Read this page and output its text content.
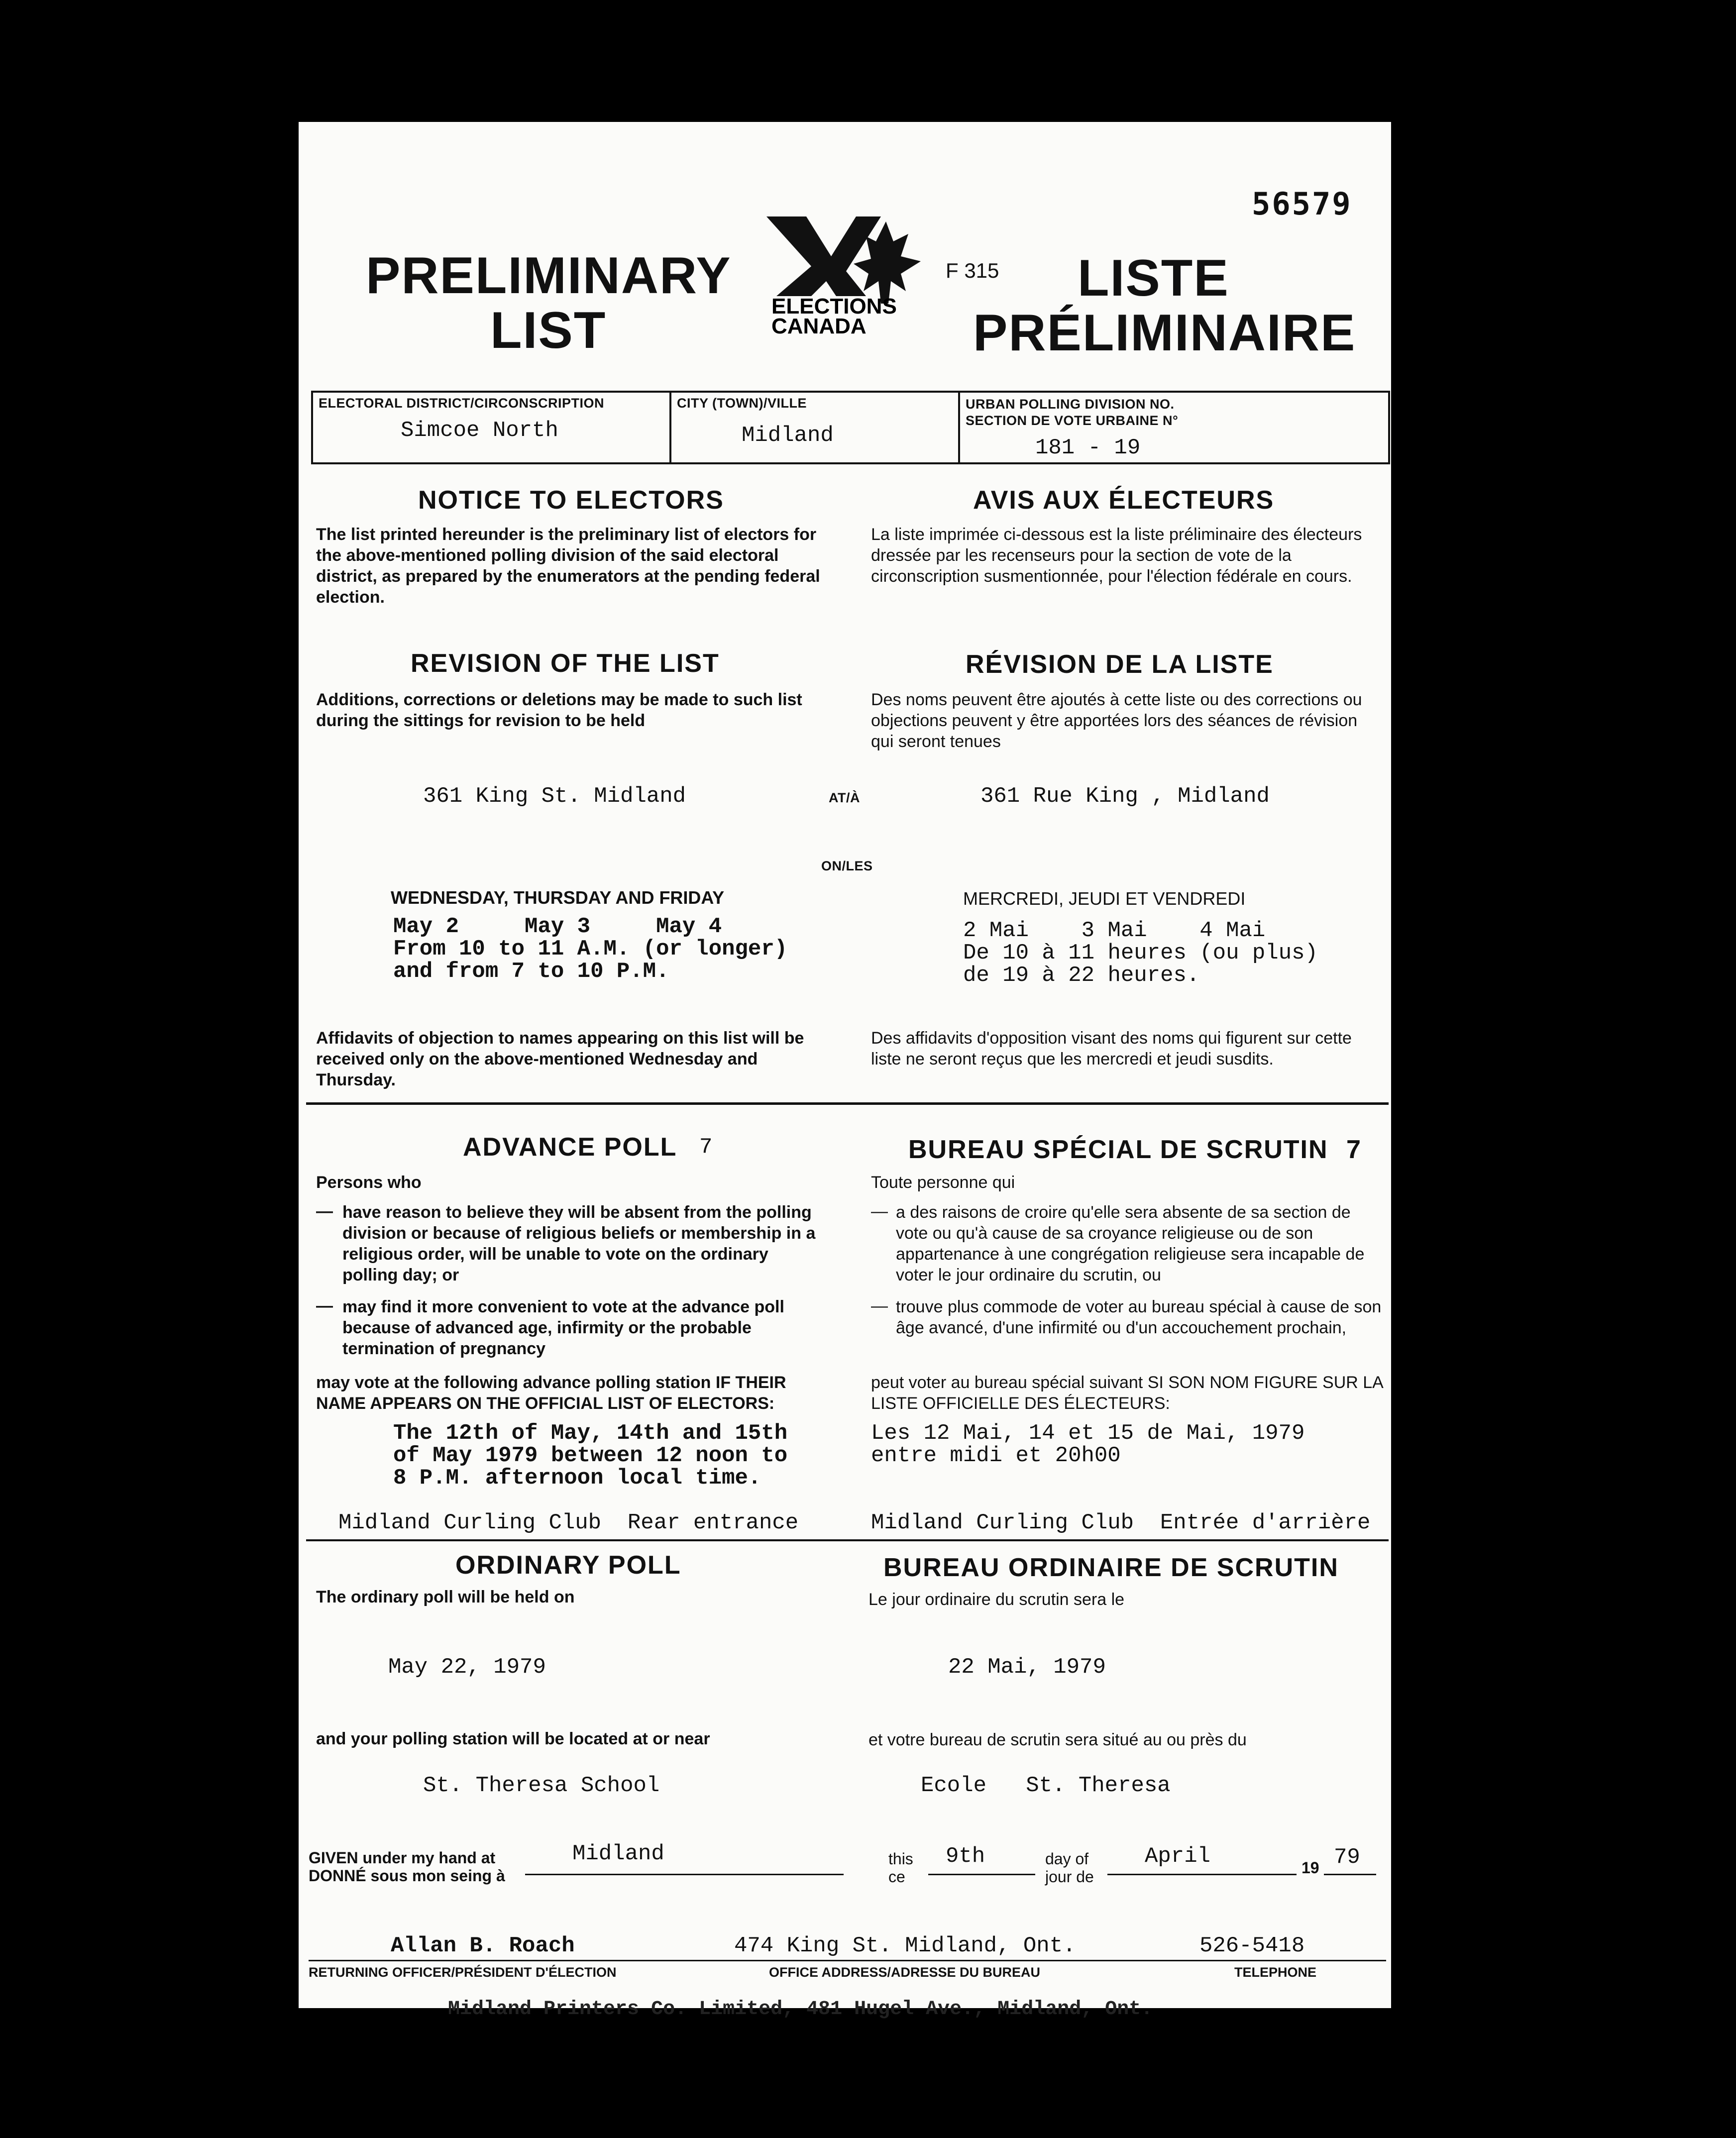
56579
PRELIMINARY
LIST	ELECTIONS
CANADA
F 315 LISTE
PRÉLIMINAIRE
ELECTORAL DISTRICT/CIRCONSCRIPTION
Simcoe North
CITY (TOWN)/VILLE
Midland
URBAN POLLING DIVISION NO.
SECTION DE VOTE URBAINE N°
181 - 19
NOTICE TO ELECTORS
The list printed hereunder is the preliminary list of electors for the above-mentioned polling division of the said electoral district, as prepared by the enumerators at the pending federal election.
AVIS AUX ÉLECTEURS
La liste imprimée ci-dessous est la liste préliminaire des électeurs dressée par les recenseurs pour la section de vote de la circonscription susmentionnée, pour l'élection fédérale en cours.
REVISION OF THE LIST
Additions, corrections or deletions may be made to such list during the sittings for revision to be held
RÉVISION DE LA LISTE
Des noms peuvent être ajoutés à cette liste ou des corrections ou objections peuvent y être apportées lors des séances de révision qui seront tenues
361 King St. Midland	AT/À	361 Rue King , Midland
ON/LES
WEDNESDAY, THURSDAY AND FRIDAY
May 2     May 3     May 4
From 10 to 11 A.M. (or longer)
and from 7 to 10 P.M.
MERCREDI, JEUDI ET VENDREDI
2 Mai    3 Mai    4 Mai
De 10 à 11 heures (ou plus)
de 19 à 22 heures.
Affidavits of objection to names appearing on this list will be received only on the above-mentioned Wednesday and Thursday.
Des affidavits d'opposition visant des noms qui figurent sur cette liste ne seront reçus que les mercredi et jeudi susdits.
ADVANCE POLL 7	BUREAU SPÉCIAL DE SCRUTIN 7
Persons who	Toute personne qui
— have reason to believe they will be absent from the polling division or because of religious beliefs or membership in a religious order, will be unable to vote on the ordinary polling day; or
— may find it more convenient to vote at the advance poll because of advanced age, infirmity or the probable termination of pregnancy
— a des raisons de croire qu'elle sera absente de sa section de vote ou qu'à cause de sa croyance religieuse ou de son appartenance à une congrégation religieuse sera incapable de voter le jour ordinaire du scrutin, ou
— trouve plus commode de voter au bureau spécial à cause de son âge avancé, d'une infirmité ou d'un accouchement prochain,
may vote at the following advance polling station IF THEIR NAME APPEARS ON THE OFFICIAL LIST OF ELECTORS:
peut voter au bureau spécial suivant SI SON NOM FIGURE SUR LA LISTE OFFICIELLE DES ÉLECTEURS:
The 12th of May, 14th and 15th
of May 1979 between 12 noon to
8 P.M. afternoon local time.
Les 12 Mai, 14 et 15 de Mai, 1979
entre midi et 20h00
Midland Curling Club  Rear entrance	Midland Curling Club  Entrée d'arrière
ORDINARY POLL	BUREAU ORDINAIRE DE SCRUTIN
The ordinary poll will be held on	Le jour ordinaire du scrutin sera le
May 22, 1979	22 Mai, 1979
and your polling station will be located at or near	et votre bureau de scrutin sera situé au ou près du
St. Theresa School	Ecole   St. Theresa
GIVEN under my hand at
DONNÉ sous mon seing à
Midland	this
ce
9th	day of
jour de
April	19 79
Allan B. Roach	474 King St. Midland, Ont.	526-5418
RETURNING OFFICER/PRÉSIDENT D'ÉLECTION	OFFICE ADDRESS/ADRESSE DU BUREAU	TELEPHONE
Midland Printers Co. Limited, 481 Hugel Ave., Midland, Ont.
